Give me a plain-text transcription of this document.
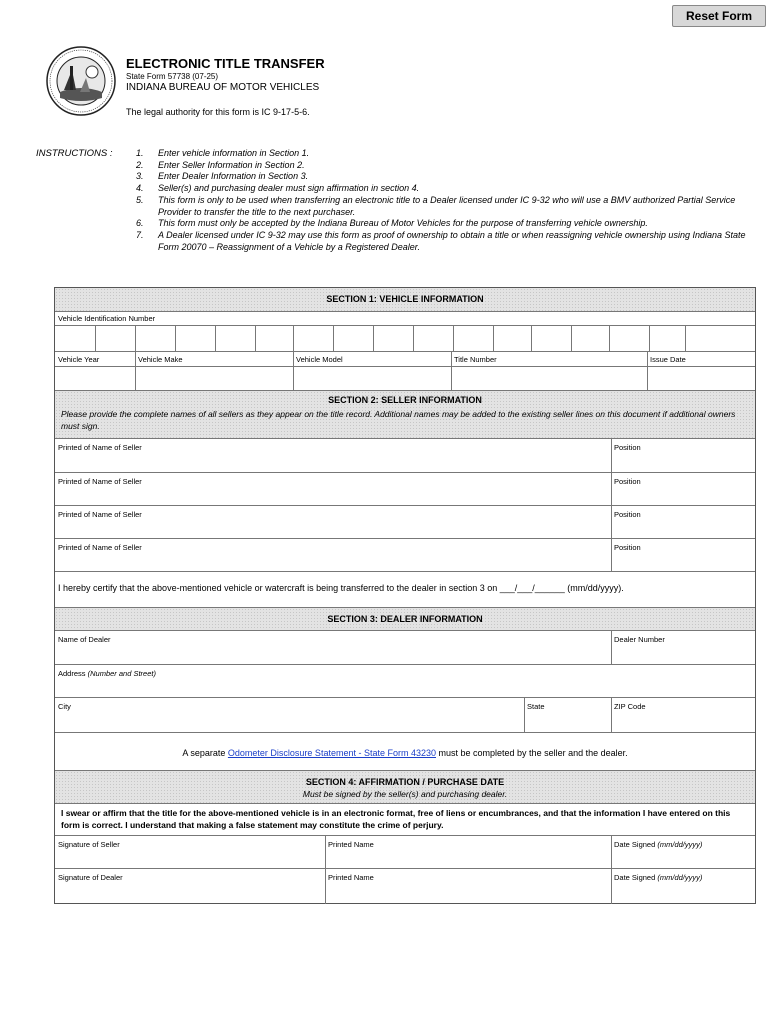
Reset Form
ELECTRONIC TITLE TRANSFER
State Form 57738 (07-25)
INDIANA BUREAU OF MOTOR VEHICLES
The legal authority for this form is IC 9-17-5-6.
INSTRUCTIONS :	1.	Enter vehicle information in Section 1.
2.	Enter Seller Information in Section 2.
3.	Enter Dealer Information in Section 3.
4.	Seller(s) and purchasing dealer must sign affirmation in section 4.
5.	This form is only to be used when transferring an electronic title to a Dealer licensed under IC 9-32 who will use a BMV authorized Partial Service Provider to transfer the title to the next purchaser.
6.	This form must only be accepted by the Indiana Bureau of Motor Vehicles for the purpose of transferring vehicle ownership.
7.	A Dealer licensed under IC 9-32 may use this form as proof of ownership to obtain a title or when reassigning vehicle ownership using Indiana State Form 20070 – Reassignment of a Vehicle by a Registered Dealer.
SECTION 1: VEHICLE INFORMATION
Vehicle Identification Number
Vehicle Year	Vehicle Make	Vehicle Model	Title Number	Issue Date
SECTION 2: SELLER INFORMATION
Please provide the complete names of all sellers as they appear on the title record. Additional names may be added to the existing seller lines on this document if additional owners must sign.
Printed of Name of Seller	Position
Printed of Name of Seller	Position
Printed of Name of Seller	Position
Printed of Name of Seller	Position
I hereby certify that the above-mentioned vehicle or watercraft is being transferred to the dealer in section 3 on ___/___/______ (mm/dd/yyyy).
SECTION 3: DEALER INFORMATION
Name of Dealer	Dealer Number
Address (Number and Street)
City	State	ZIP Code
A separate Odometer Disclosure Statement - State Form 43230 must be completed by the seller and the dealer.
SECTION 4: AFFIRMATION / PURCHASE DATE
Must be signed by the seller(s) and purchasing dealer.
I swear or affirm that the title for the above-mentioned vehicle is in an electronic format, free of liens or encumbrances, and that the information I have entered on this form is correct. I understand that making a false statement may constitute the crime of perjury.
Signature of Seller	Printed Name	Date Signed (mm/dd/yyyy)
Signature of Dealer	Printed Name	Date Signed (mm/dd/yyyy)
